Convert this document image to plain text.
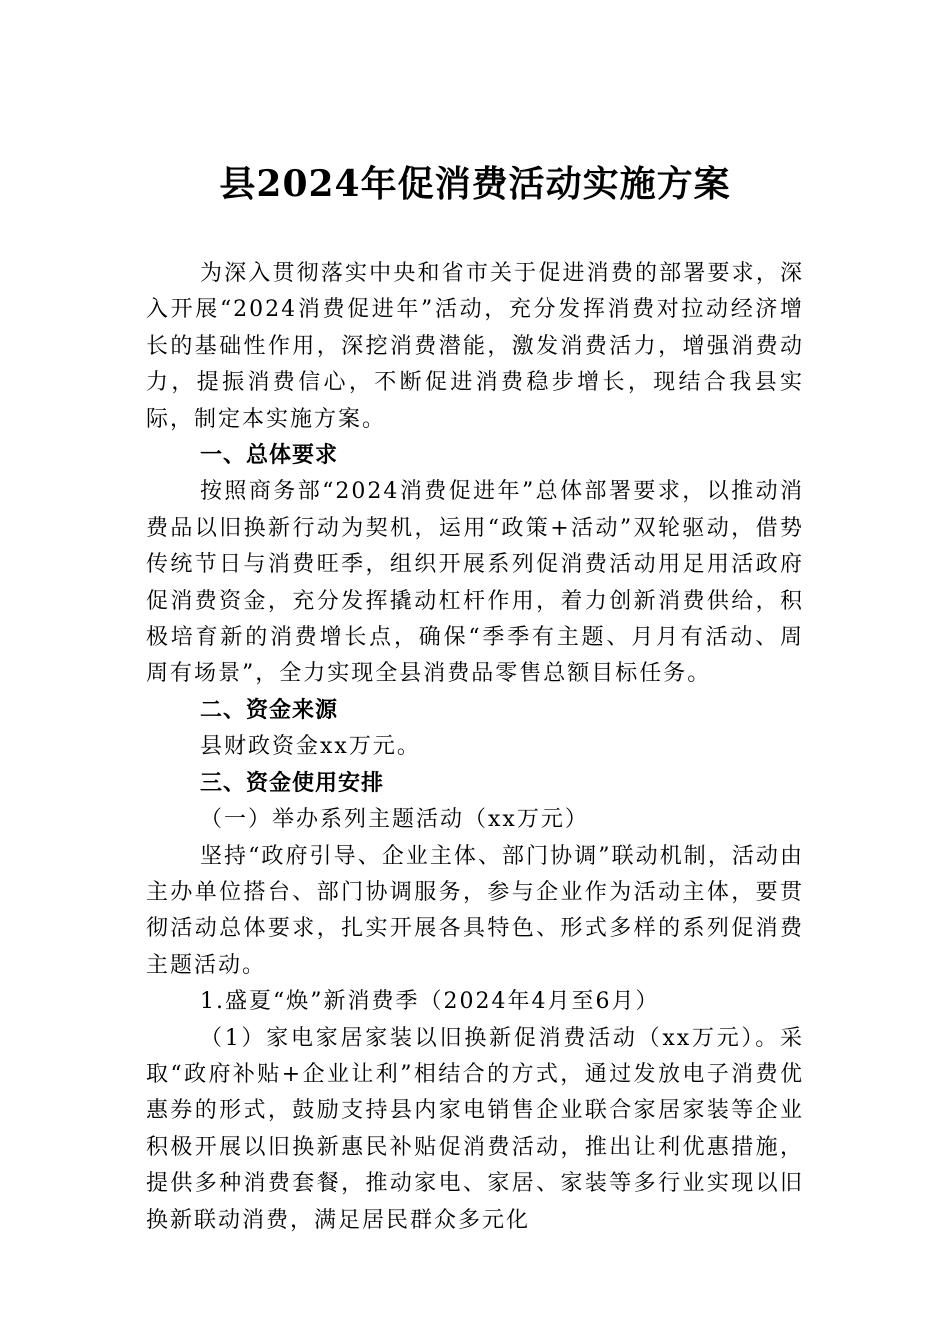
县2024年促消费活动实施方案

为深入贯彻落实中央和省市关于促进消费的部署要求，深入开展“2024消费促进年”活动，充分发挥消费对拉动经济增长的基础性作用，深挖消费潜能，激发消费活力，增强消费动力，提振消费信心，不断促进消费稳步增长，现结合我县实际，制定本实施方案。

一、总体要求

按照商务部“2024消费促进年”总体部署要求，以推动消费品以旧换新行动为契机，运用“政策+活动”双轮驱动，借势传统节日与消费旺季，组织开展系列促消费活动用足用活政府促消费资金，充分发挥撬动杠杆作用，着力创新消费供给，积极培育新的消费增长点，确保“季季有主题、月月有活动、周周有场景”，全力实现全县消费品零售总额目标任务。

二、资金来源

县财政资金xx万元。

三、资金使用安排

（一）举办系列主题活动（xx万元）

坚持“政府引导、企业主体、部门协调”联动机制，活动由主办单位搭台、部门协调服务，参与企业作为活动主体，要贯彻活动总体要求，扎实开展各具特色、形式多样的系列促消费主题活动。

1.盛夏“焕”新消费季（2024年4月至6月）

（1）家电家居家装以旧换新促消费活动（xx万元）。采取“政府补贴+企业让利”相结合的方式，通过发放电子消费优惠券的形式，鼓励支持县内家电销售企业联合家居家装等企业积极开展以旧换新惠民补贴促消费活动，推出让利优惠措施，提供多种消费套餐，推动家电、家居、家装等多行业实现以旧换新联动消费，满足居民群众多元化
